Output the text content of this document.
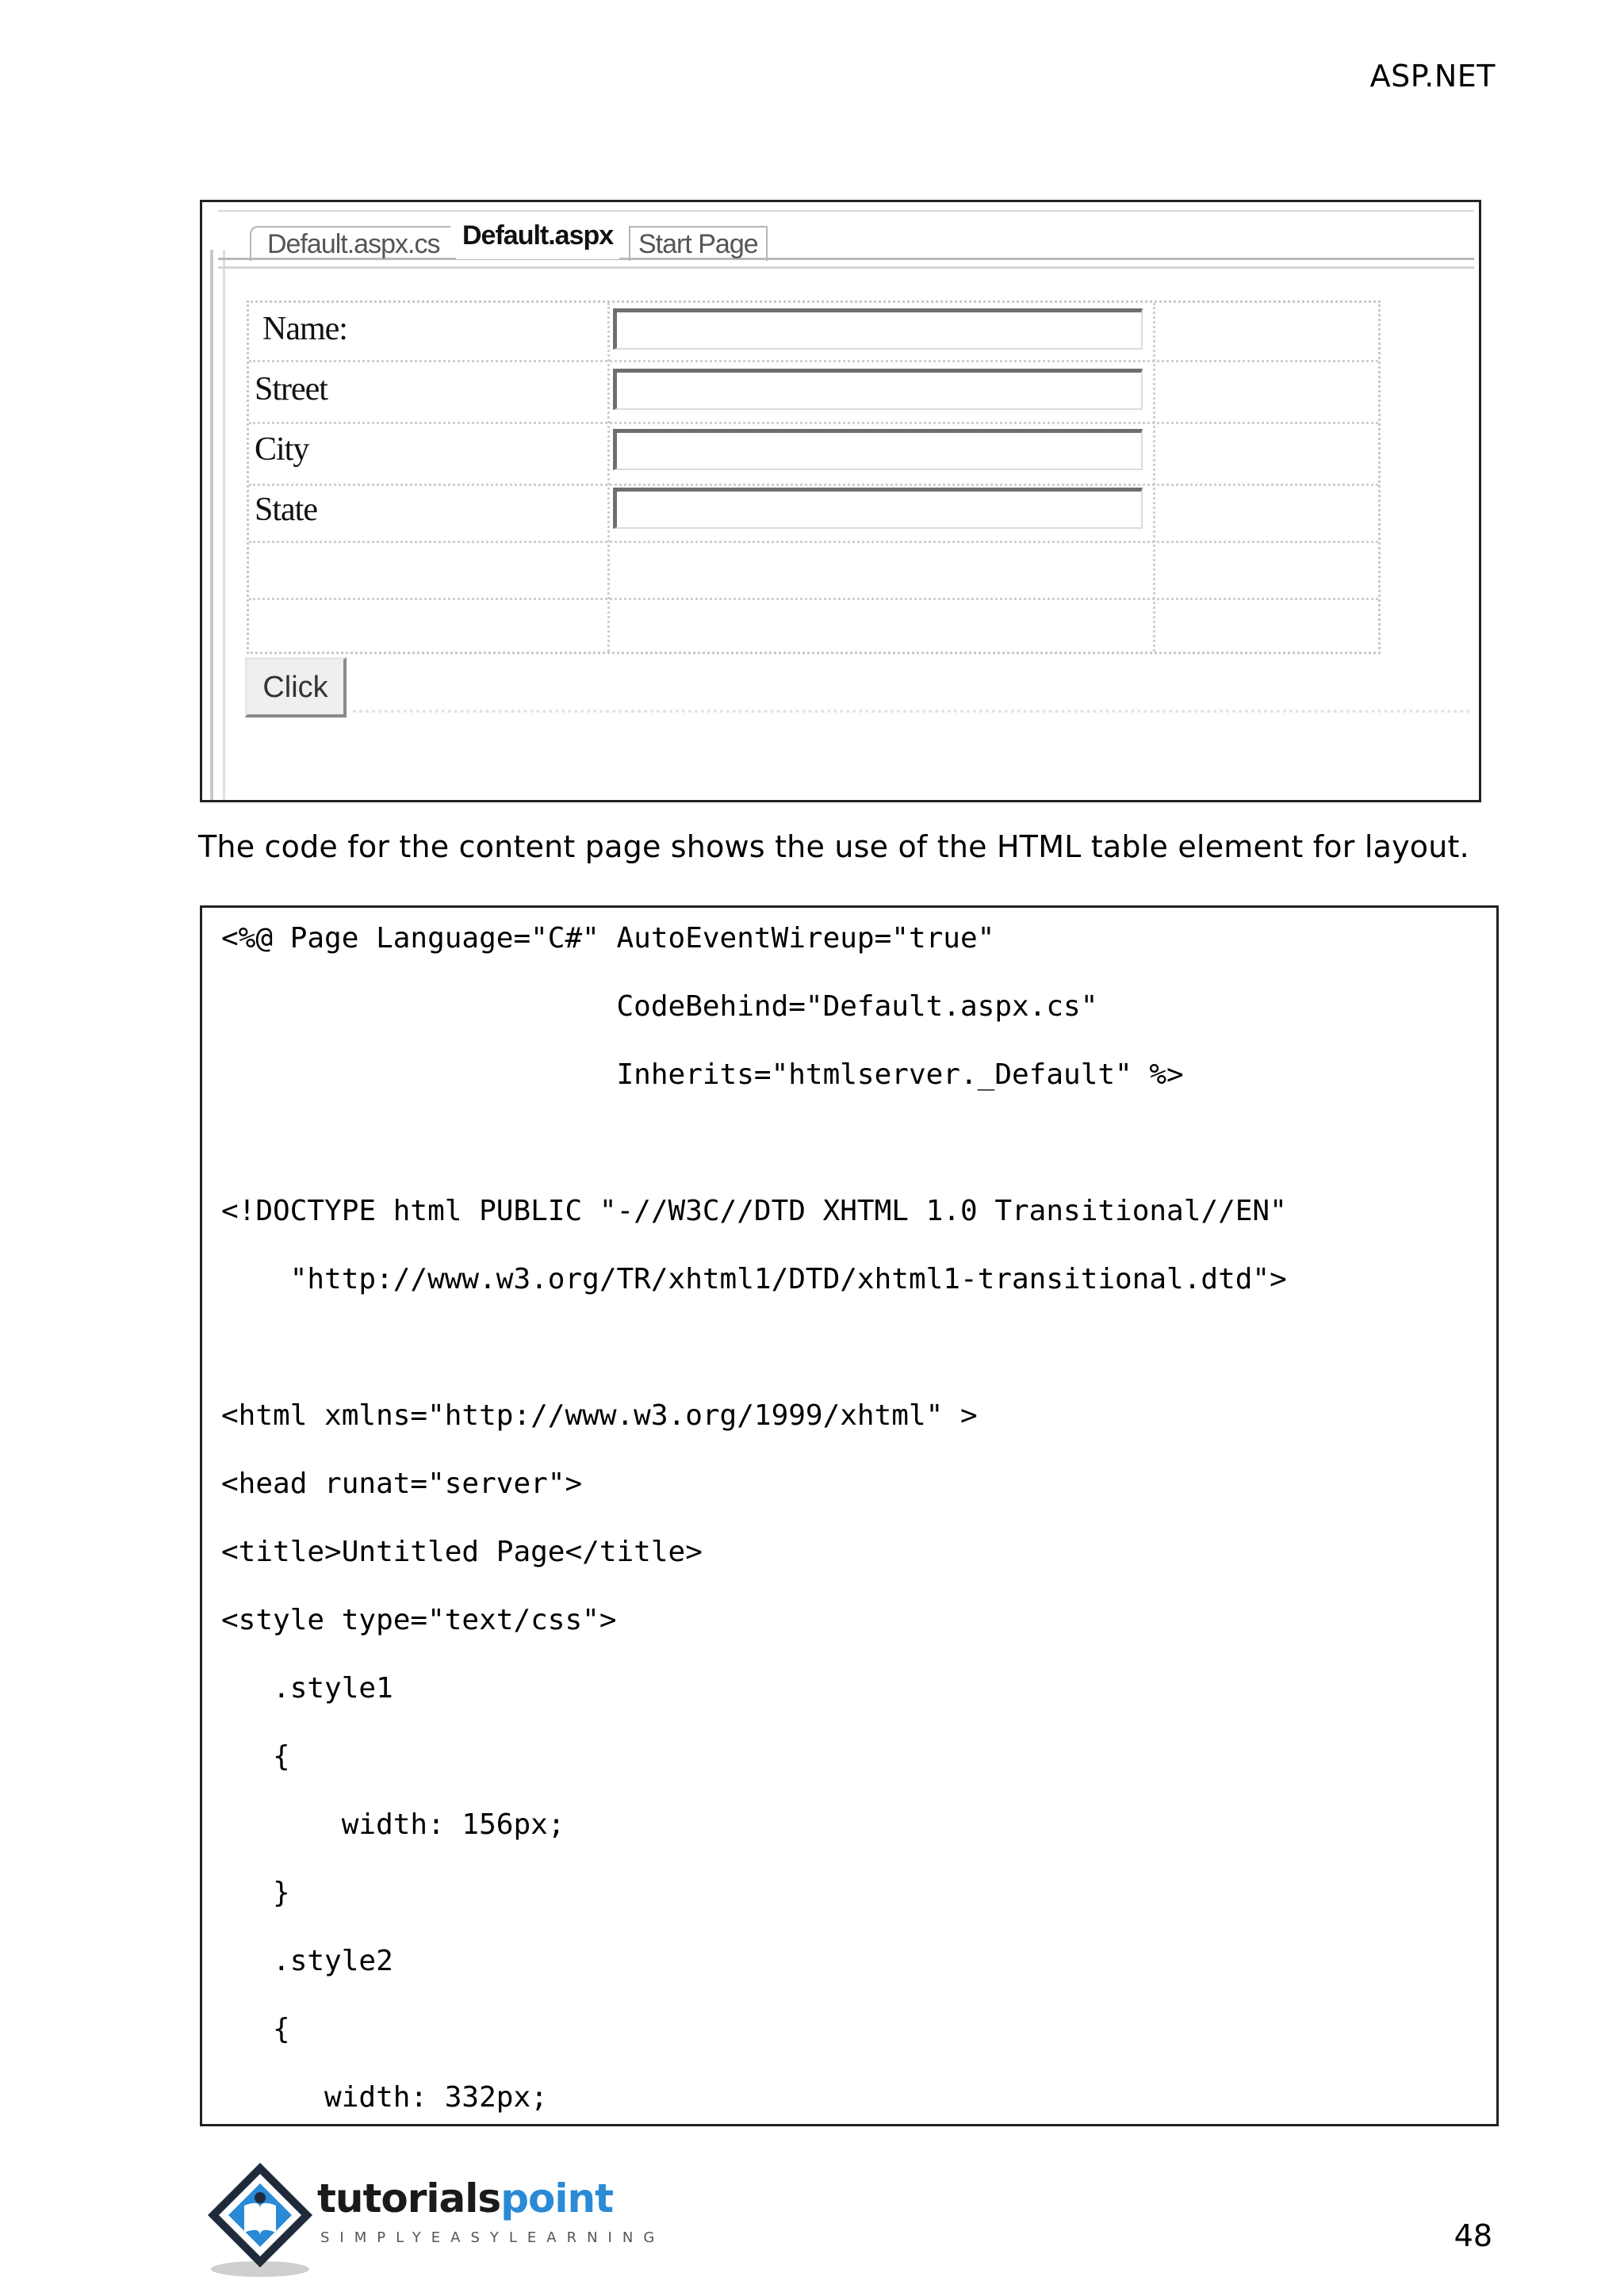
ASP.NET
Default.aspx.cs Default.aspx Start Page
Name:
Street
City
State
Click
The code for the content page shows the use of the HTML table element for layout.
<%@ Page Language="C#" AutoEventWireup="true"
CodeBehind="Default.aspx.cs"
Inherits="htmlserver._Default" %>
<!DOCTYPE html PUBLIC "-//W3C//DTD XHTML 1.0 Transitional//EN"
"http://www.w3.org/TR/xhtml1/DTD/xhtml1-transitional.dtd">
<html xmlns="http://www.w3.org/1999/xhtml" >
<head runat="server">
<title>Untitled Page</title>
<style type="text/css">
.style1
{
width: 156px;
}
.style2
{
width: 332px;
tutorialspoint
SIMPLYEASYLEARNING	48
